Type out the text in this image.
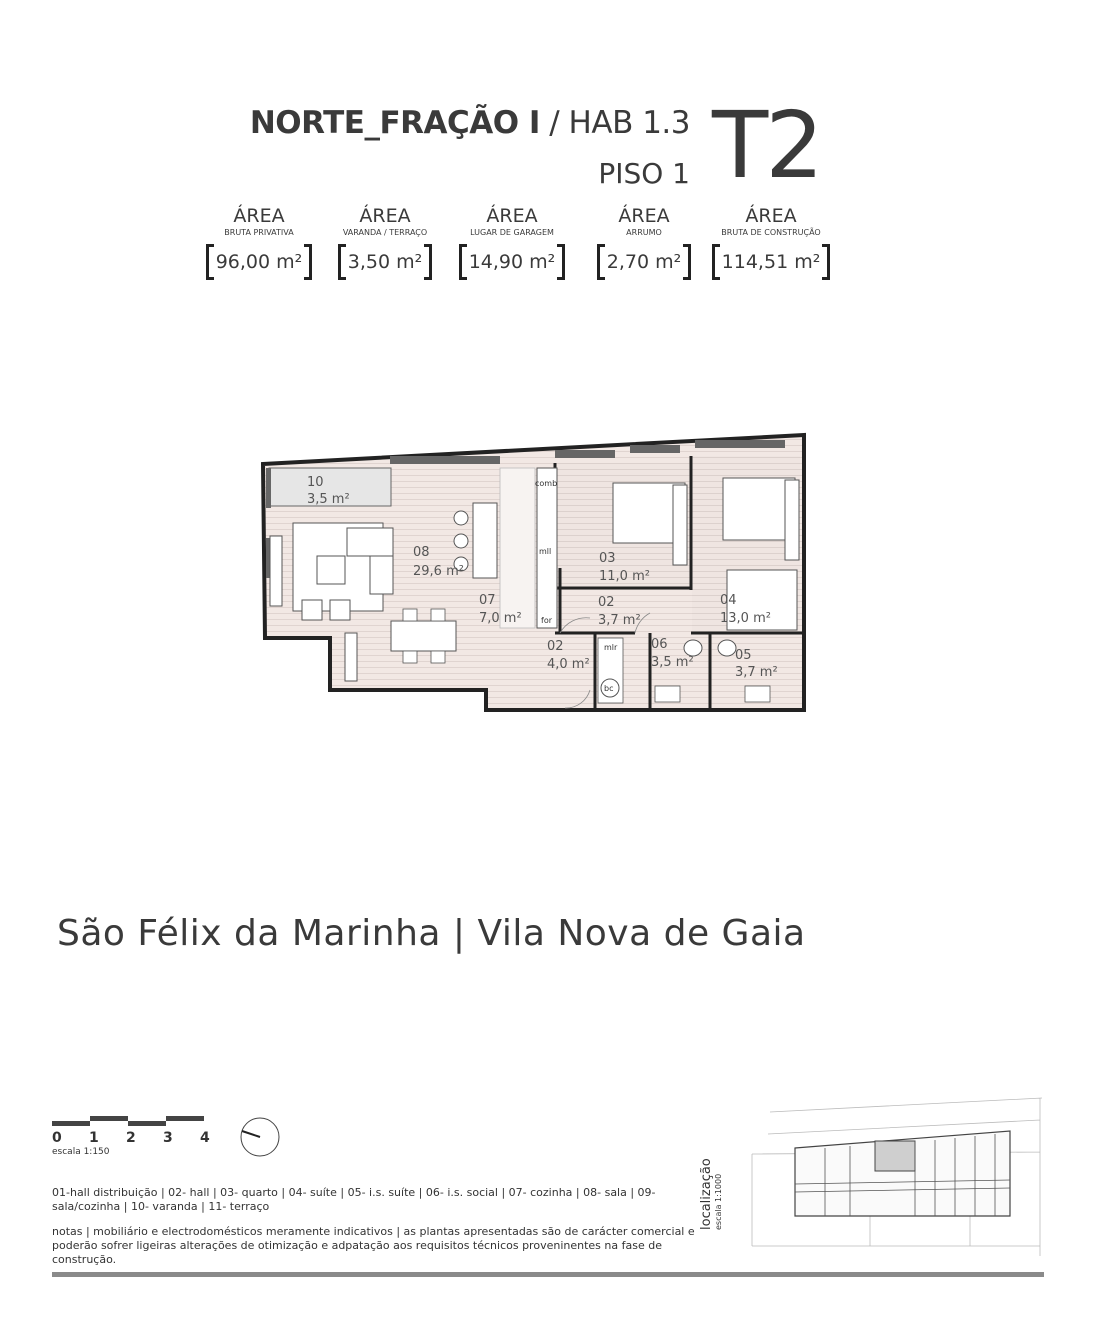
NORTE_FRAÇÃO I / HAB 1.3
PISO 1 T2
ÁREA
BRUTA PRIVATIVA
96,00 m²
ÁREA
VARANDA / TERRAÇO
3,50 m²
ÁREA
LUGAR DE GARAGEM
14,90 m²
ÁREA
ARRUMO
2,70 m²
ÁREA
BRUTA DE CONSTRUÇÃO
114,51 m²
10
3,5 m²
08
29,6 m²
07
7,0 m²
03
11,0 m²
02
3,7 m²
04
13,0 m²
02
4,0 m²
06
3,5 m²	05
3,7 m²
comb
mll
for
mlr
bc
São Félix da Marinha | Vila Nova de Gaia
0 1 2 3 4
escala 1:150
01-hall distribuição | 02- hall | 03- quarto | 04- suíte | 05- i.s. suíte | 06- i.s. social | 07- cozinha | 08- sala | 09- sala/cozinha | 10- varanda | 11- terraço
notas | mobiliário e electrodomésticos meramente indicativos | as plantas apresentadas são de carácter comercial e poderão sofrer ligeiras alterações de otimização e adpatação aos requisitos técnicos proveninentes na fase de construção.
localização escala 1:1000
